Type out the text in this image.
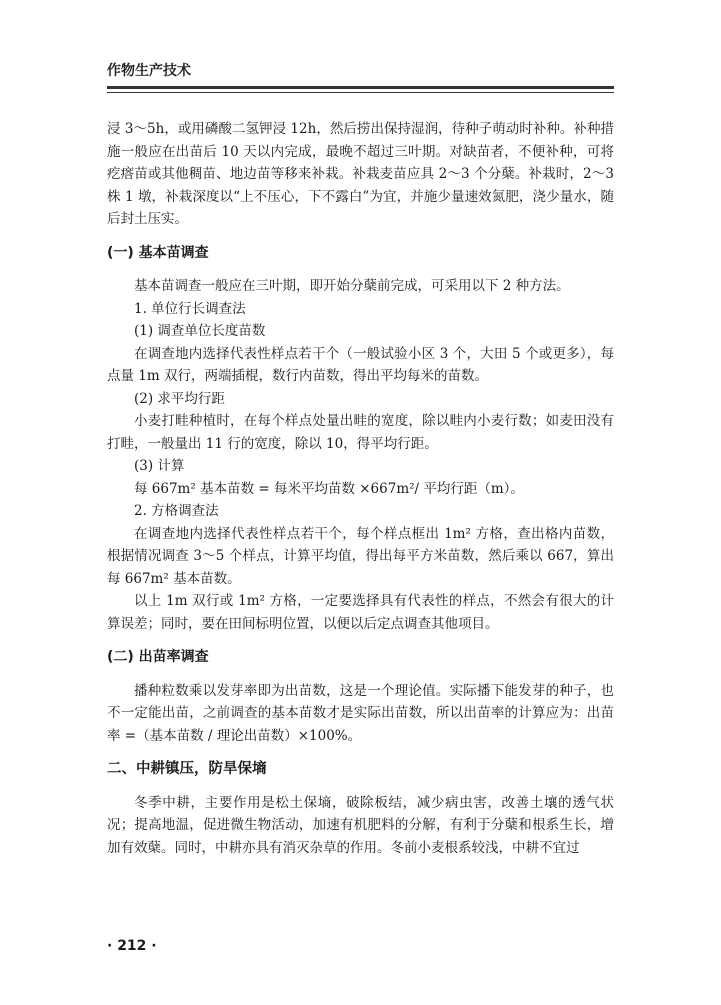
作物生产技术

浸 3～5h，或用磷酸二氢钾浸 12h，然后捞出保持湿润，待种子萌动时补种。补种措施一般应在出苗后 10 天以内完成，最晚不超过三叶期。对缺苗者，不便补种，可将疙瘩苗或其他稠苗、地边苗等移来补栽。补栽麦苗应具 2～3 个分蘖。补栽时，2～3 株 1 墩，补栽深度以“上不压心，下不露白”为宜，并施少量速效氮肥，浇少量水，随后封土压实。

(一) 基本苗调查

基本苗调查一般应在三叶期，即开始分蘖前完成，可采用以下 2 种方法。

1. 单位行长调查法

(1) 调查单位长度苗数

在调查地内选择代表性样点若干个（一般试验小区 3 个，大田 5 个或更多），每点量 1m 双行，两端插棍，数行内苗数，得出平均每米的苗数。

(2) 求平均行距

小麦打畦种植时，在每个样点处量出畦的宽度，除以畦内小麦行数；如麦田没有打畦，一般量出 11 行的宽度，除以 10，得平均行距。

(3) 计算

每 667m² 基本苗数 = 每米平均苗数 ×667m²/ 平均行距（m）。

2. 方格调查法

在调查地内选择代表性样点若干个，每个样点框出 1m² 方格，查出格内苗数，根据情况调查 3～5 个样点，计算平均值，得出每平方米苗数，然后乘以 667，算出每 667m² 基本苗数。

以上 1m 双行或 1m² 方格，一定要选择具有代表性的样点，不然会有很大的计算误差；同时，要在田间标明位置，以便以后定点调查其他项目。

(二) 出苗率调查

播种粒数乘以发芽率即为出苗数，这是一个理论值。实际播下能发芽的种子，也不一定能出苗，之前调查的基本苗数才是实际出苗数，所以出苗率的计算应为：出苗率 =（基本苗数 / 理论出苗数）×100%。

二、中耕镇压，防旱保墒

冬季中耕，主要作用是松土保墒，破除板结，减少病虫害，改善土壤的透气状况；提高地温，促进微生物活动，加速有机肥料的分解，有利于分蘖和根系生长，增加有效蘖。同时，中耕亦具有消灭杂草的作用。冬前小麦根系较浅，中耕不宜过

· 212 ·
